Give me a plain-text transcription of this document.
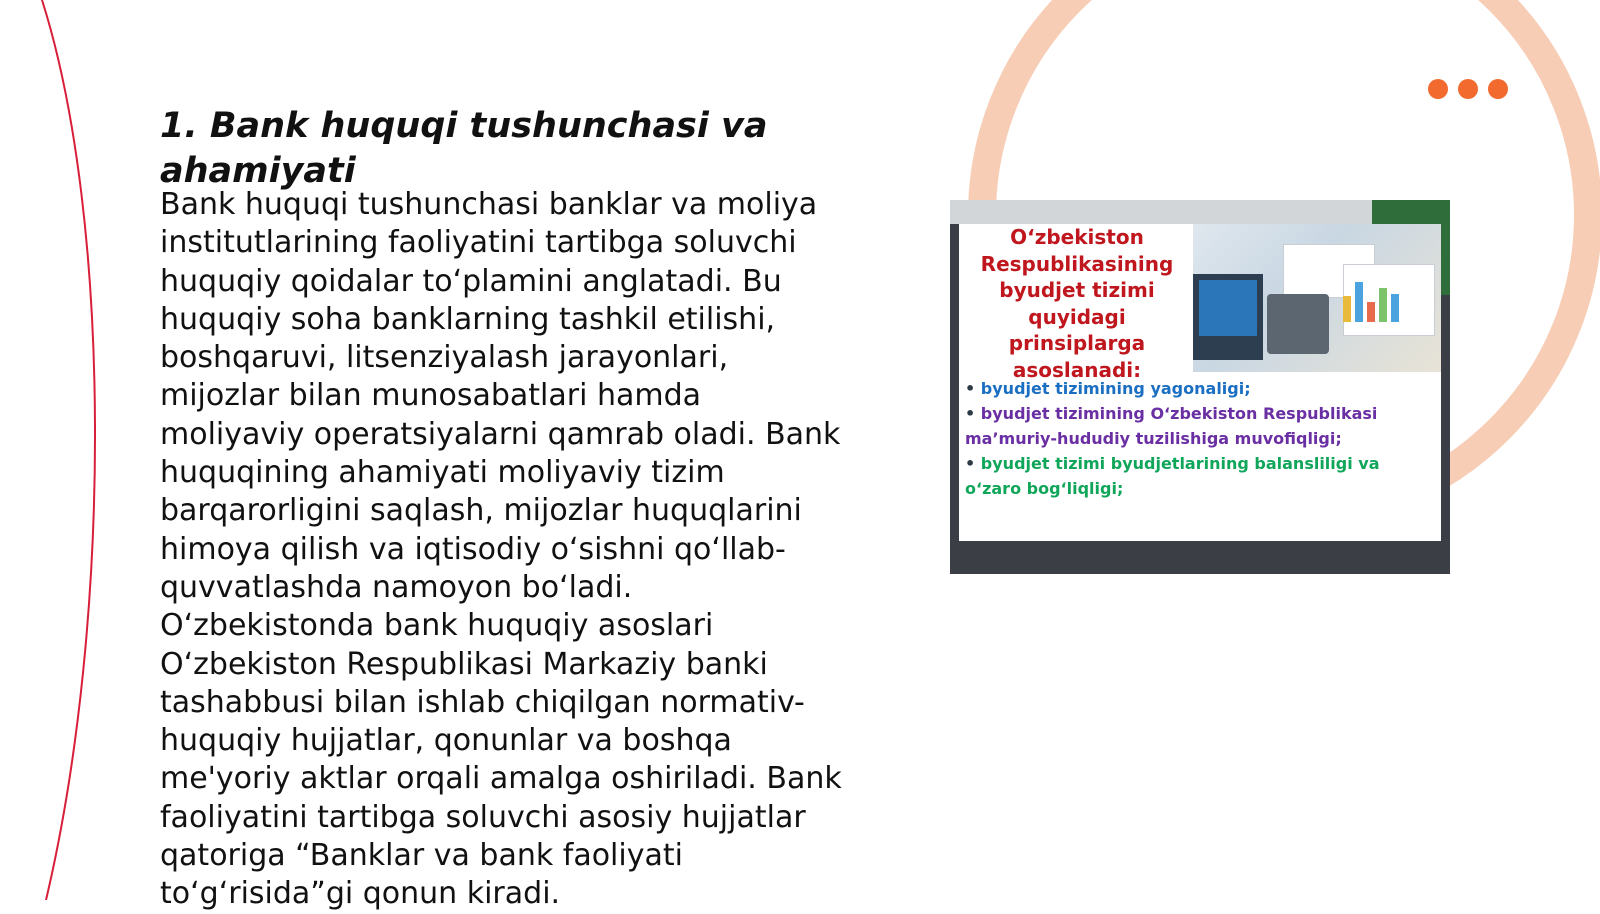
1. Bank huquqi tushunchasi va ahamiyati

Bank huquqi tushunchasi banklar va moliya institutlarining faoliyatini tartibga soluvchi huquqiy qoidalar to‘plamini anglatadi. Bu huquqiy soha banklarning tashkil etilishi, boshqaruvi, litsenziyalash jarayonlari, mijozlar bilan munosabatlari hamda moliyaviy operatsiyalarni qamrab oladi. Bank huquqining ahamiyati moliyaviy tizim barqarorligini saqlash, mijozlar huquqlarini himoya qilish va iqtisodiy o‘sishni qo‘llab-quvvatlashda namoyon bo‘ladi.

O‘zbekistonda bank huquqiy asoslari O‘zbekiston Respublikasi Markaziy banki tashabbusi bilan ishlab chiqilgan normativ-huquqiy hujjatlar, qonunlar va boshqa me'yoriy aktlar orqali amalga oshiriladi. Bank faoliyatini tartibga soluvchi asosiy hujjatlar qatoriga “Banklar va bank faoliyati to‘g‘risida”gi qonun kiradi.

O‘zbekiston Respublikasining byudjet tizimi quyidagi prinsiplarga asoslanadi:

• byudjet tizimining yagonaligi;
• byudjet tizimining O‘zbekiston Respublikasi ma’muriy-hududiy tuzilishiga muvofiqligi;
• byudjet tizimi byudjetlarining balansliligi va o‘zaro bog‘liqligi;
